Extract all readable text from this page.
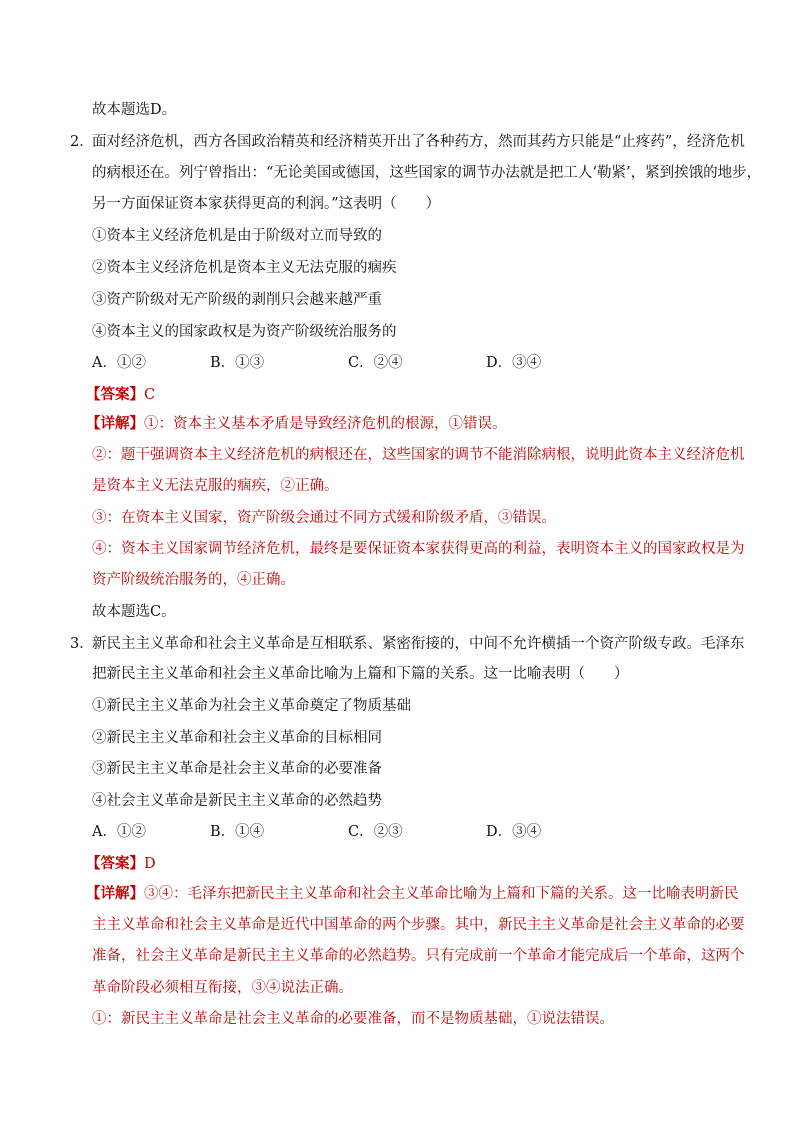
故本题选D。
2．
面对经济危机，西方各国政治精英和经济精英开出了各种药方，然而其药方只能是“止疼药”，经济危机
的病根还在。列宁曾指出：“无论美国或德国，这些国家的调节办法就是把工人‘勒紧’，紧到挨饿的地步，
另一方面保证资本家获得更高的利润。”这表明（　　）
①资本主义经济危机是由于阶级对立而导致的
②资本主义经济危机是资本主义无法克服的痼疾
③资产阶级对无产阶级的剥削只会越来越严重
④资本主义的国家政权是为资产阶级统治服务的
A．①②	B．①③	C．②④	D．③④
【答案】C
【详解】①：资本主义基本矛盾是导致经济危机的根源，①错误。
②：题干强调资本主义经济危机的病根还在，这些国家的调节不能消除病根，说明此资本主义经济危机
是资本主义无法克服的痼疾，②正确。
③：在资本主义国家，资产阶级会通过不同方式缓和阶级矛盾，③错误。
④：资本主义国家调节经济危机，最终是要保证资本家获得更高的利益，表明资本主义的国家政权是为
资产阶级统治服务的，④正确。
故本题选C。
3．
新民主主义革命和社会主义革命是互相联系、紧密衔接的，中间不允许横插一个资产阶级专政。毛泽东
把新民主主义革命和社会主义革命比喻为上篇和下篇的关系。这一比喻表明（　　）
①新民主主义革命为社会主义革命奠定了物质基础
②新民主主义革命和社会主义革命的目标相同
③新民主主义革命是社会主义革命的必要准备
④社会主义革命是新民主主义革命的必然趋势
A．①②	B．①④	C．②③	D．③④
【答案】D
【详解】③④：毛泽东把新民主主义革命和社会主义革命比喻为上篇和下篇的关系。这一比喻表明新民
主主义革命和社会主义革命是近代中国革命的两个步骤。其中，新民主主义革命是社会主义革命的必要
准备，社会主义革命是新民主主义革命的必然趋势。只有完成前一个革命才能完成后一个革命，这两个
革命阶段必须相互衔接，③④说法正确。
①：新民主主义革命是社会主义革命的必要准备，而不是物质基础，①说法错误。
